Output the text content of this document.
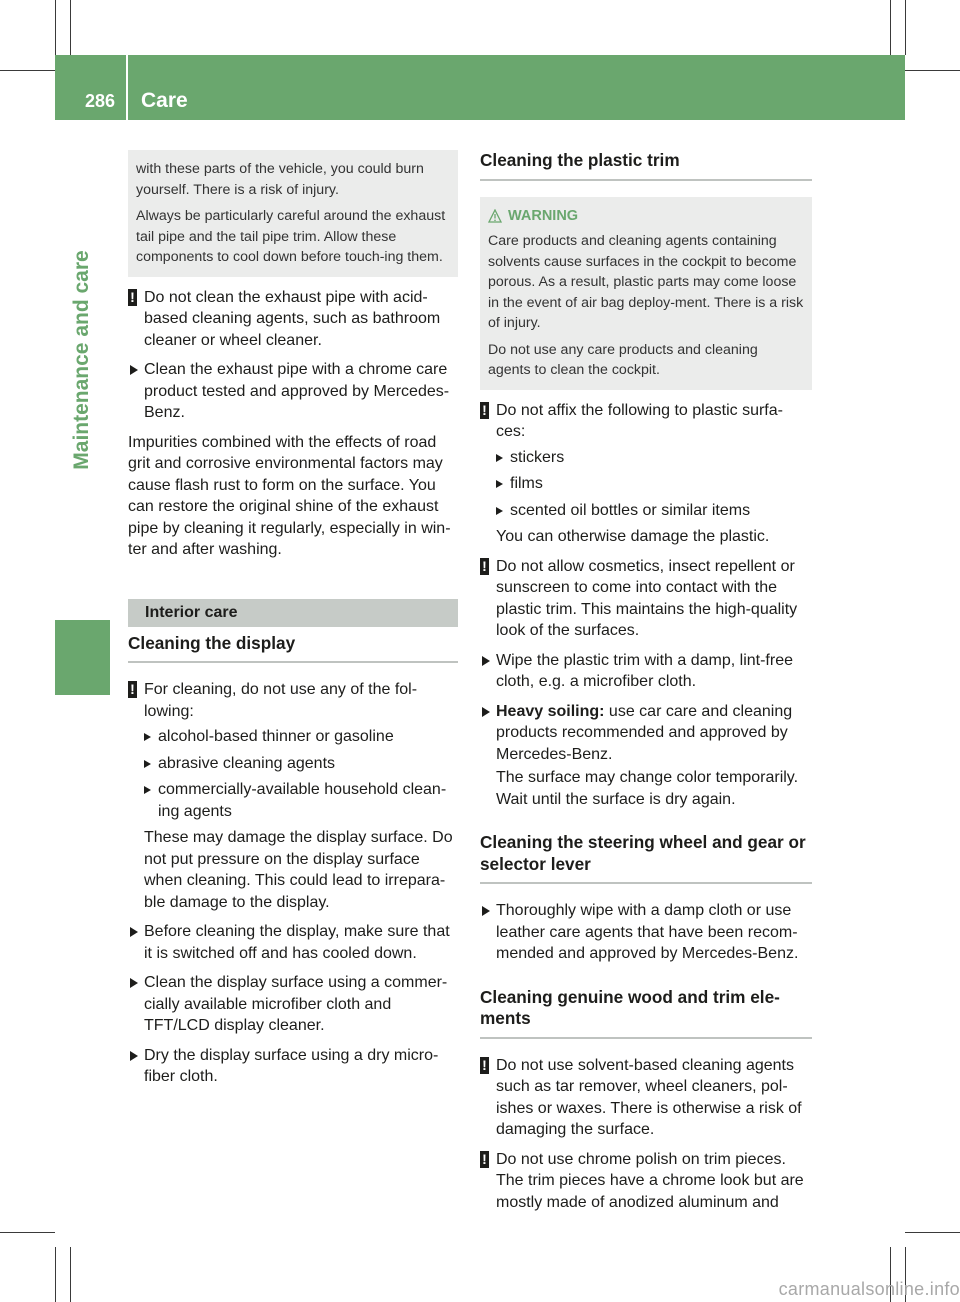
286 Care
Maintenance and care

with these parts of the vehicle, you could burn yourself. There is a risk of injury.

Always be particularly careful around the exhaust tail pipe and the tail pipe trim. Allow these components to cool down before touch-ing them.

! Do not clean the exhaust pipe with acid-based cleaning agents, such as bathroom cleaner or wheel cleaner.
Clean the exhaust pipe with a chrome care product tested and approved by Mercedes-Benz.

Impurities combined with the effects of road grit and corrosive environmental factors may cause flash rust to form on the surface. You can restore the original shine of the exhaust pipe by cleaning it regularly, especially in win-ter and after washing.

Interior care
Cleaning the display
! For cleaning, do not use any of the fol-lowing:
alcohol-based thinner or gasoline
abrasive cleaning agents
commercially-available household clean-ing agents

These may damage the display surface. Do not put pressure on the display surface when cleaning. This could lead to irrepara-ble damage to the display.

Before cleaning the display, make sure that it is switched off and has cooled down.
Clean the display surface using a commer-cially available microfiber cloth and TFT/LCD display cleaner.
Dry the display surface using a dry micro-fiber cloth.
Cleaning the plastic trim
WARNING

Care products and cleaning agents containing solvents cause surfaces in the cockpit to become porous. As a result, plastic parts may come loose in the event of air bag deploy-ment. There is a risk of injury.

Do not use any care products and cleaning agents to clean the cockpit.

! Do not affix the following to plastic surfa-ces:
stickers
films
scented oil bottles or similar items

You can otherwise damage the plastic.

! Do not allow cosmetics, insect repellent or sunscreen to come into contact with the plastic trim. This maintains the high-quality look of the surfaces.
Wipe the plastic trim with a damp, lint-free cloth, e.g. a microfiber cloth.
Heavy soiling: use car care and cleaning products recommended and approved by Mercedes-Benz.

The surface may change color temporarily. Wait until the surface is dry again.

Cleaning the steering wheel and gear or selector lever
Thoroughly wipe with a damp cloth or use leather care agents that have been recom-mended and approved by Mercedes-Benz.
Cleaning genuine wood and trim ele-ments
! Do not use solvent-based cleaning agents such as tar remover, wheel cleaners, pol-ishes or waxes. There is otherwise a risk of damaging the surface.
! Do not use chrome polish on trim pieces. The trim pieces have a chrome look but are mostly made of anodized aluminum and
carmanualsonline.info
